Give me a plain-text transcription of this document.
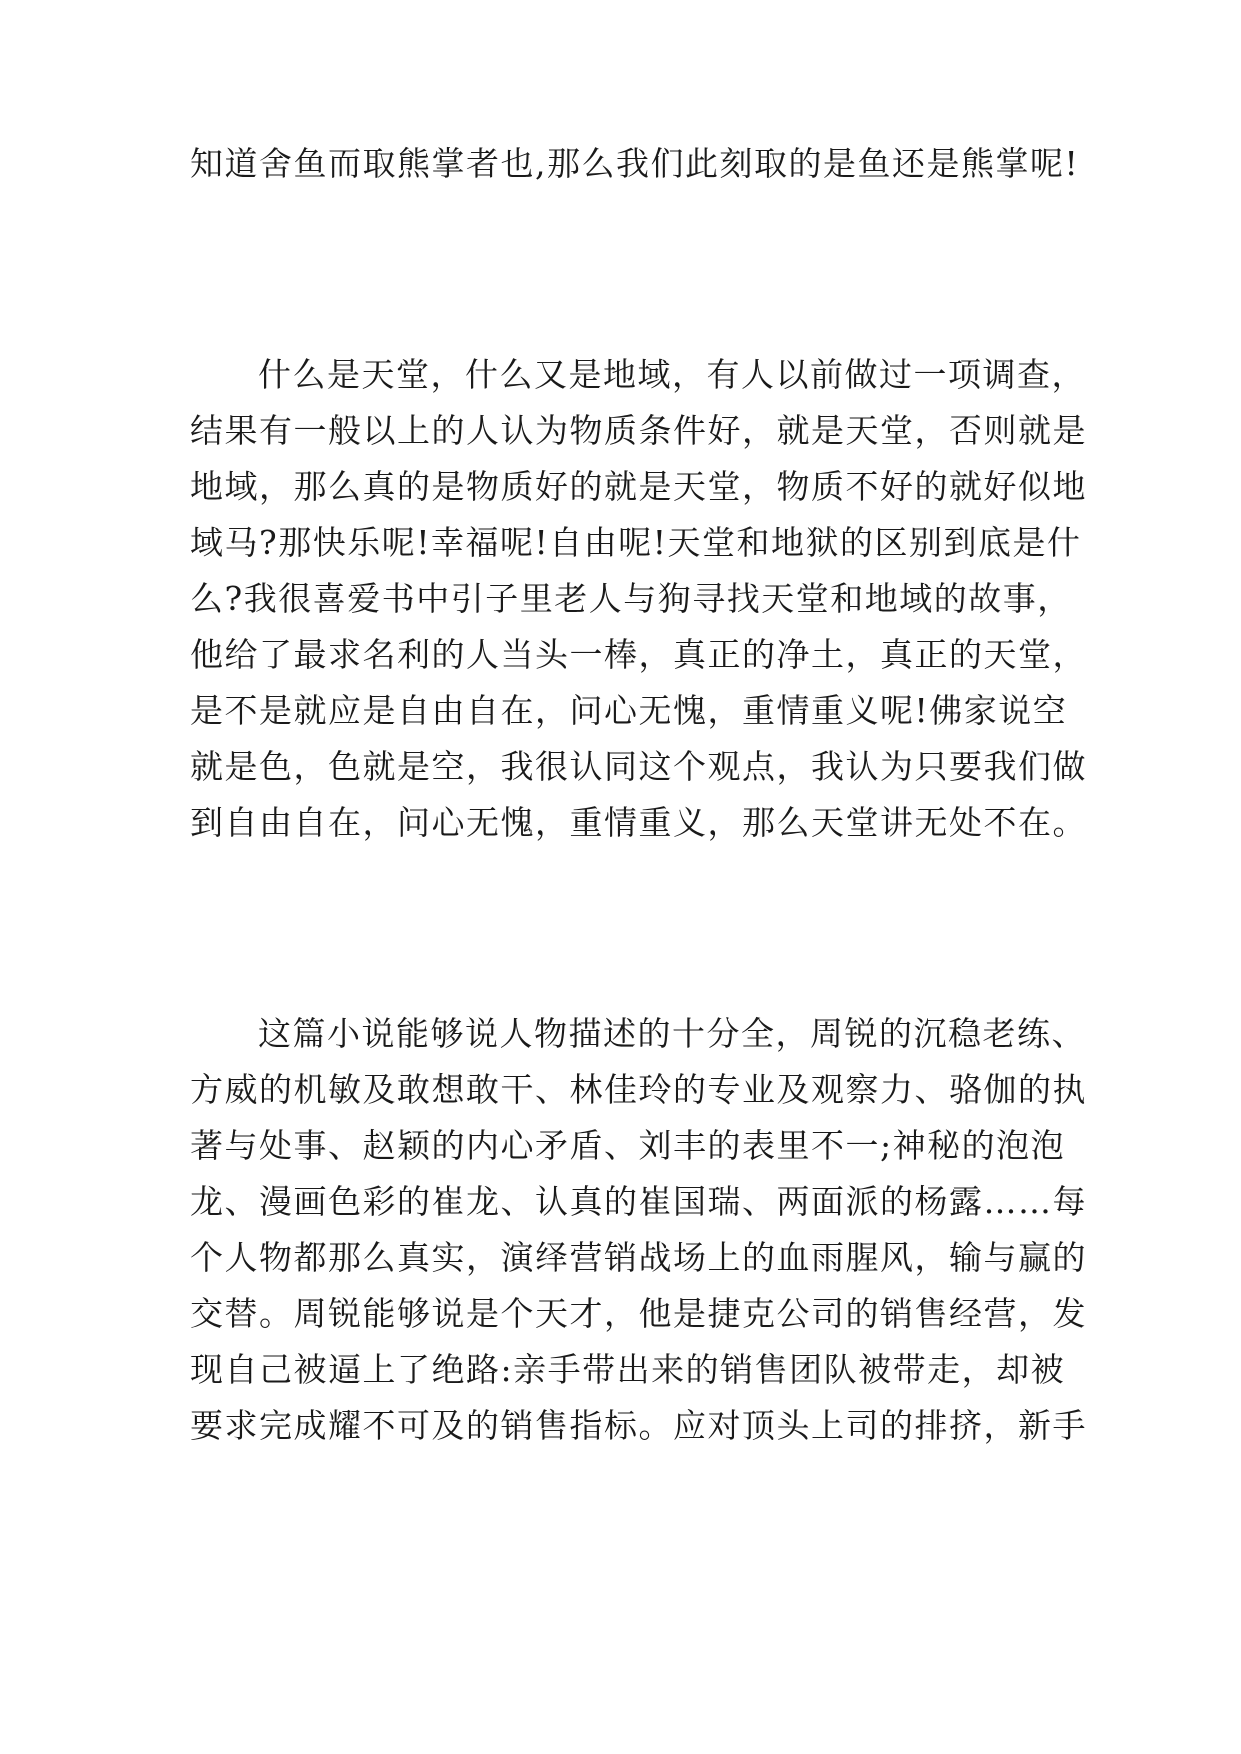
知道舍鱼而取熊掌者也,那么我们此刻取的是鱼还是熊掌呢!
什么是天堂，什么又是地域，有人以前做过一项调查，
结果有一般以上的人认为物质条件好，就是天堂，否则就是
地域，那么真的是物质好的就是天堂，物质不好的就好似地
域马?那快乐呢!幸福呢!自由呢!天堂和地狱的区别到底是什
么?我很喜爱书中引子里老人与狗寻找天堂和地域的故事，
他给了最求名利的人当头一棒，真正的净土，真正的天堂，
是不是就应是自由自在，问心无愧，重情重义呢!佛家说空
就是色，色就是空，我很认同这个观点，我认为只要我们做
到自由自在，问心无愧，重情重义，那么天堂讲无处不在。
这篇小说能够说人物描述的十分全，周锐的沉稳老练、
方威的机敏及敢想敢干、林佳玲的专业及观察力、骆伽的执
著与处事、赵颖的内心矛盾、刘丰的表里不一;神秘的泡泡
龙、漫画色彩的崔龙、认真的崔国瑞、两面派的杨露……每
个人物都那么真实，演绎营销战场上的血雨腥风，输与赢的
交替。周锐能够说是个天才，他是捷克公司的销售经营，发
现自己被逼上了绝路:亲手带出来的销售团队被带走，却被
要求完成耀不可及的销售指标。应对顶头上司的排挤，新手
